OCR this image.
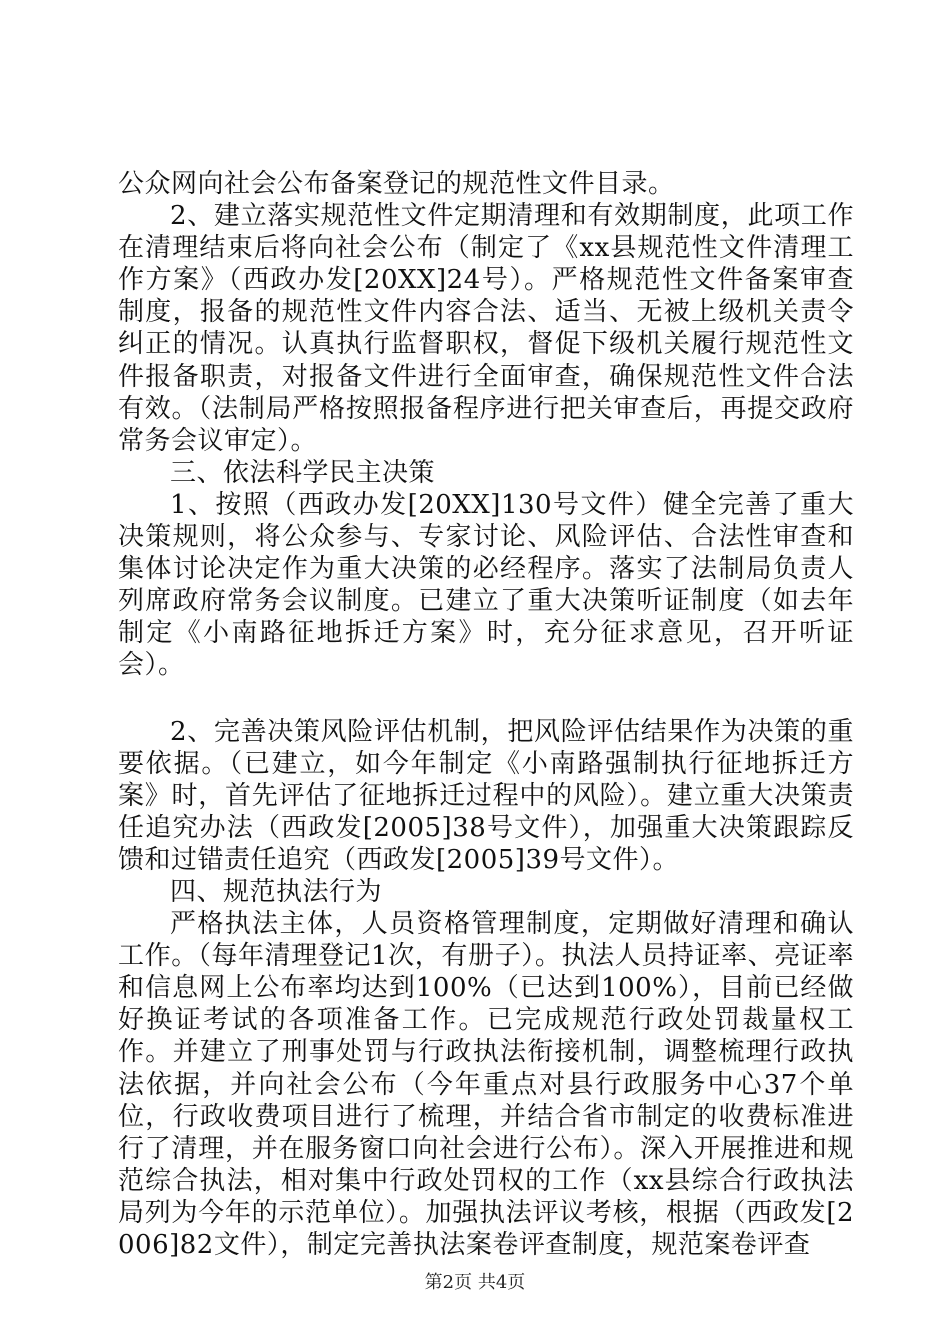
公众网向社会公布备案登记的规范性文件目录。

2、建立落实规范性文件定期清理和有效期制度，此项工作在清理结束后将向社会公布（制定了《xx县规范性文件清理工作方案》（西政办发[20XX]24号）。严格规范性文件备案审查制度，报备的规范性文件内容合法、适当、无被上级机关责令纠正的情况。认真执行监督职权，督促下级机关履行规范性文件报备职责，对报备文件进行全面审查，确保规范性文件合法有效。（法制局严格按照报备程序进行把关审查后，再提交政府常务会议审定）。

三、依法科学民主决策

1、按照（西政办发[20XX]130号文件）健全完善了重大决策规则，将公众参与、专家讨论、风险评估、合法性审查和集体讨论决定作为重大决策的必经程序。落实了法制局负责人列席政府常务会议制度。已建立了重大决策听证制度（如去年制定《小南路征地拆迁方案》时，充分征求意见，召开听证会）。

2、完善决策风险评估机制，把风险评估结果作为决策的重要依据。（已建立，如今年制定《小南路强制执行征地拆迁方案》时，首先评估了征地拆迁过程中的风险）。建立重大决策责任追究办法（西政发[2005]38号文件），加强重大决策跟踪反馈和过错责任追究（西政发[2005]39号文件）。

四、规范执法行为

严格执法主体，人员资格管理制度，定期做好清理和确认工作。（每年清理登记1次，有册子）。执法人员持证率、亮证率和信息网上公布率均达到100%（已达到100%），目前已经做好换证考试的各项准备工作。已完成规范行政处罚裁量权工作。并建立了刑事处罚与行政执法衔接机制，调整梳理行政执法依据，并向社会公布（今年重点对县行政服务中心37个单位，行政收费项目进行了梳理，并结合省市制定的收费标准进行了清理，并在服务窗口向社会进行公布）。深入开展推进和规范综合执法，相对集中行政处罚权的工作（xx县综合行政执法局列为今年的示范单位）。加强执法评议考核，根据（西政发[2006]82文件），制定完善执法案卷评查制度，规范案卷评查

第2页 共4页
